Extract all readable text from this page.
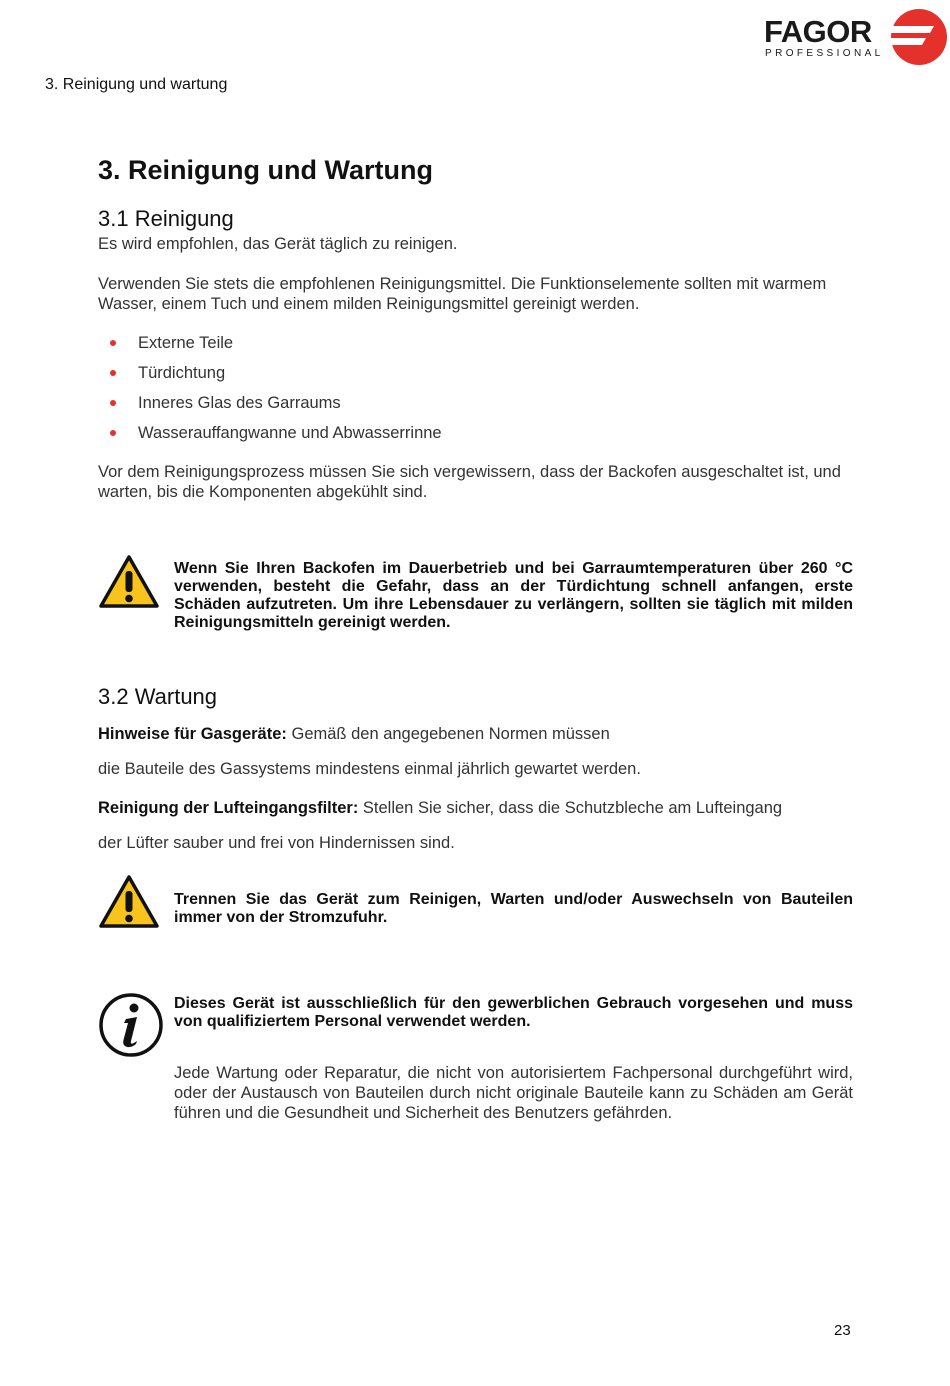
3. Reinigung und wartung
FAGOR
PROFESSIONAL
3. Reinigung und Wartung
3.1 Reinigung

Es wird empfohlen, das Gerät täglich zu reinigen.

Verwenden Sie stets die empfohlenen Reinigungsmittel. Die Funktionselemente sollten mit warmem Wasser, einem Tuch und einem milden Reinigungsmittel gereinigt werden.

Externe Teile
Türdichtung
Inneres Glas des Garraums
Wasserauffangwanne und Abwasserrinne

Vor dem Reinigungsprozess müssen Sie sich vergewissern, dass der Backofen ausgeschaltet ist, und warten, bis die Komponenten abgekühlt sind.

Wenn Sie Ihren Backofen im Dauerbetrieb und bei Garraumtemperaturen über 260 °C verwenden, besteht die Gefahr, dass an der Türdichtung schnell anfangen, erste Schäden aufzutreten. Um ihre Lebensdauer zu verlängern, sollten sie täglich mit milden Reinigungsmitteln gereinigt werden.
3.2 Wartung

Hinweise für Gasgeräte: Gemäß den angegebenen Normen müssen

die Bauteile des Gassystems mindestens einmal jährlich gewartet werden.

Reinigung der Lufteingangsfilter: Stellen Sie sicher, dass die Schutzbleche am Lufteingang

der Lüfter sauber und frei von Hindernissen sind.

Trennen Sie das Gerät zum Reinigen, Warten und/oder Auswechseln von Bauteilen immer von der Stromzufuhr.
Dieses Gerät ist ausschließlich für den gewerblichen Gebrauch vorgesehen und muss von qualifiziertem Personal verwendet werden.
Jede Wartung oder Reparatur, die nicht von autorisiertem Fachpersonal durchgeführt wird, oder der Austausch von Bauteilen durch nicht originale Bauteile kann zu Schäden am Gerät führen und die Gesundheit und Sicherheit des Benutzers gefährden.
23
